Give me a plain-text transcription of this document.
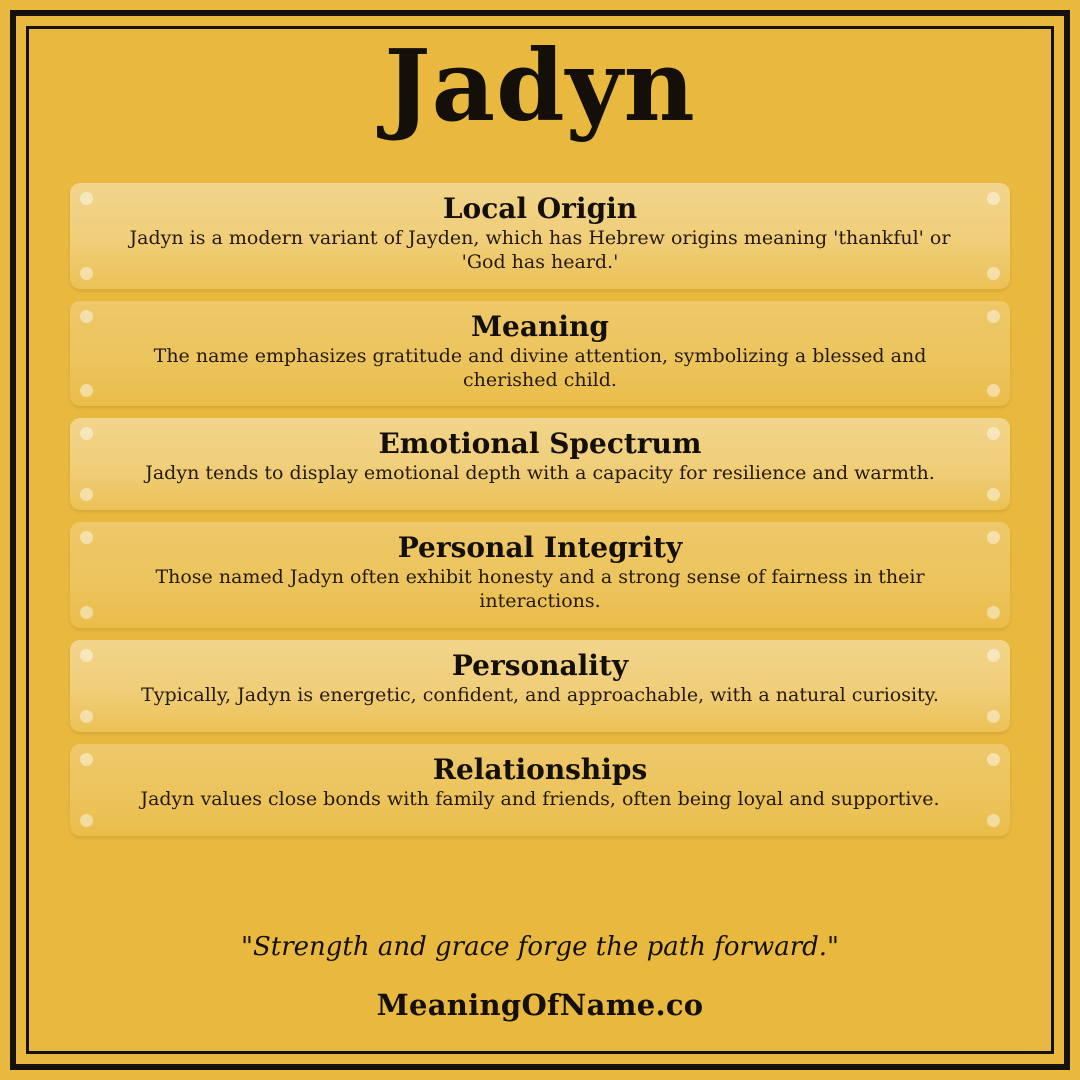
Jadyn
Local Origin
Jadyn is a modern variant of Jayden, which has Hebrew origins meaning 'thankful' or 'God has heard.'
Meaning
The name emphasizes gratitude and divine attention, symbolizing a blessed and cherished child.
Emotional Spectrum
Jadyn tends to display emotional depth with a capacity for resilience and warmth.
Personal Integrity
Those named Jadyn often exhibit honesty and a strong sense of fairness in their interactions.
Personality
Typically, Jadyn is energetic, confident, and approachable, with a natural curiosity.
Relationships
Jadyn values close bonds with family and friends, often being loyal and supportive.
"Strength and grace forge the path forward."
MeaningOfName.co
